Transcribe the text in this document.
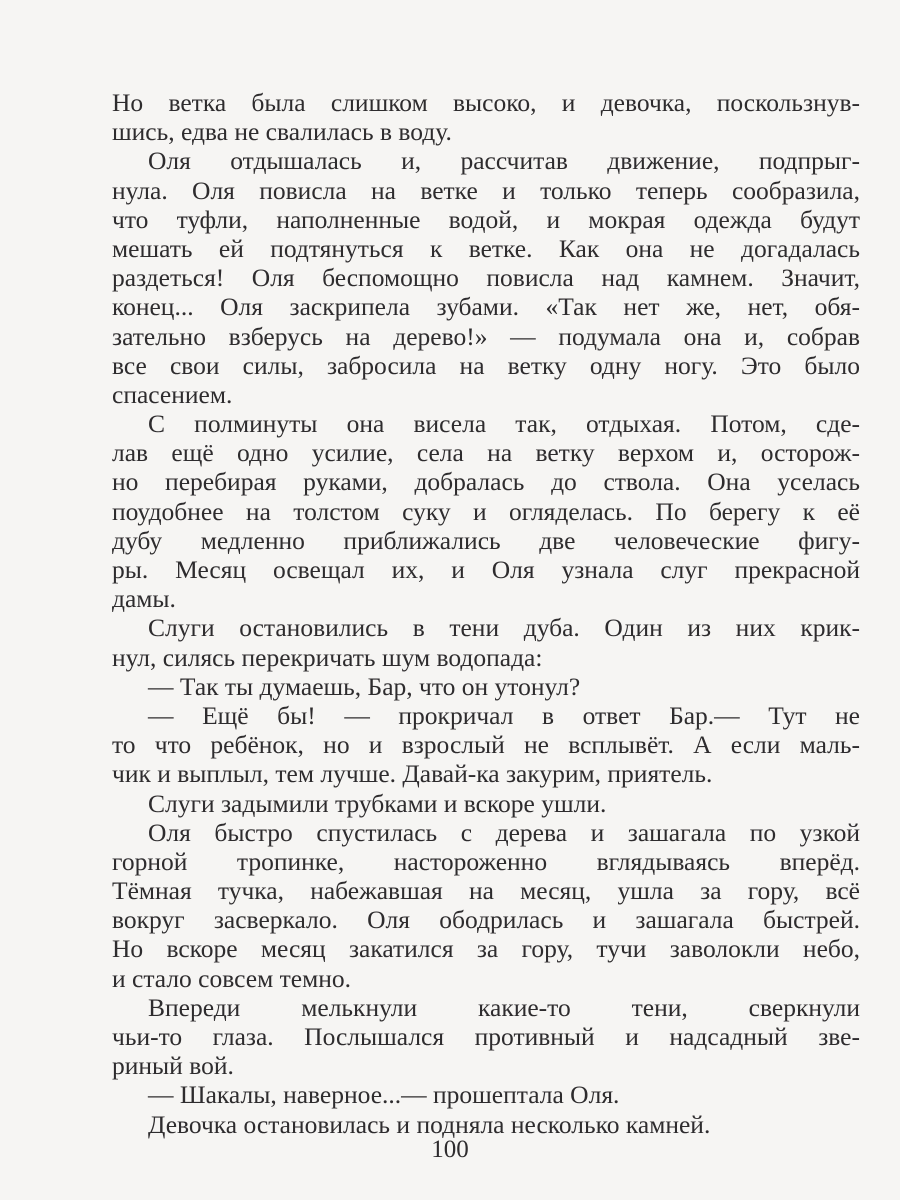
Но ветка была слишком высоко, и девочка, поскользнув-
шись, едва не свалилась в воду.
Оля отдышалась и, рассчитав движение, подпрыг-
нула. Оля повисла на ветке и только теперь сообразила,
что туфли, наполненные водой, и мокрая одежда будут
мешать ей подтянуться к ветке. Как она не догадалась
раздеться! Оля беспомощно повисла над камнем. Значит,
конец... Оля заскрипела зубами. «Так нет же, нет, обя-
зательно взберусь на дерево!» — подумала она и, собрав
все свои силы, забросила на ветку одну ногу. Это было
спасением.
С полминуты она висела так, отдыхая. Потом, сде-
лав ещё одно усилие, села на ветку верхом и, осторож-
но перебирая руками, добралась до ствола. Она уселась
поудобнее на толстом суку и огляделась. По берегу к её
дубу медленно приближались две человеческие фигу-
ры. Месяц освещал их, и Оля узнала слуг прекрасной
дамы.
Слуги остановились в тени дуба. Один из них крик-
нул, силясь перекричать шум водопада:
— Так ты думаешь, Бар, что он утонул?
— Ещё бы! — прокричал в ответ Бар.— Тут не
то что ребёнок, но и взрослый не всплывёт. А если маль-
чик и выплыл, тем лучше. Давай-ка закурим, приятель.
Слуги задымили трубками и вскоре ушли.
Оля быстро спустилась с дерева и зашагала по узкой
горной тропинке, настороженно вглядываясь вперёд.
Тёмная тучка, набежавшая на месяц, ушла за гору, всё
вокруг засверкало. Оля ободрилась и зашагала быстрей.
Но вскоре месяц закатился за гору, тучи заволокли небо,
и стало совсем темно.
Впереди мелькнули какие-то тени, сверкнули
чьи-то глаза. Послышался противный и надсадный зве-
риный вой.
— Шакалы, наверное...— прошептала Оля.
Девочка остановилась и подняла несколько камней.
100
